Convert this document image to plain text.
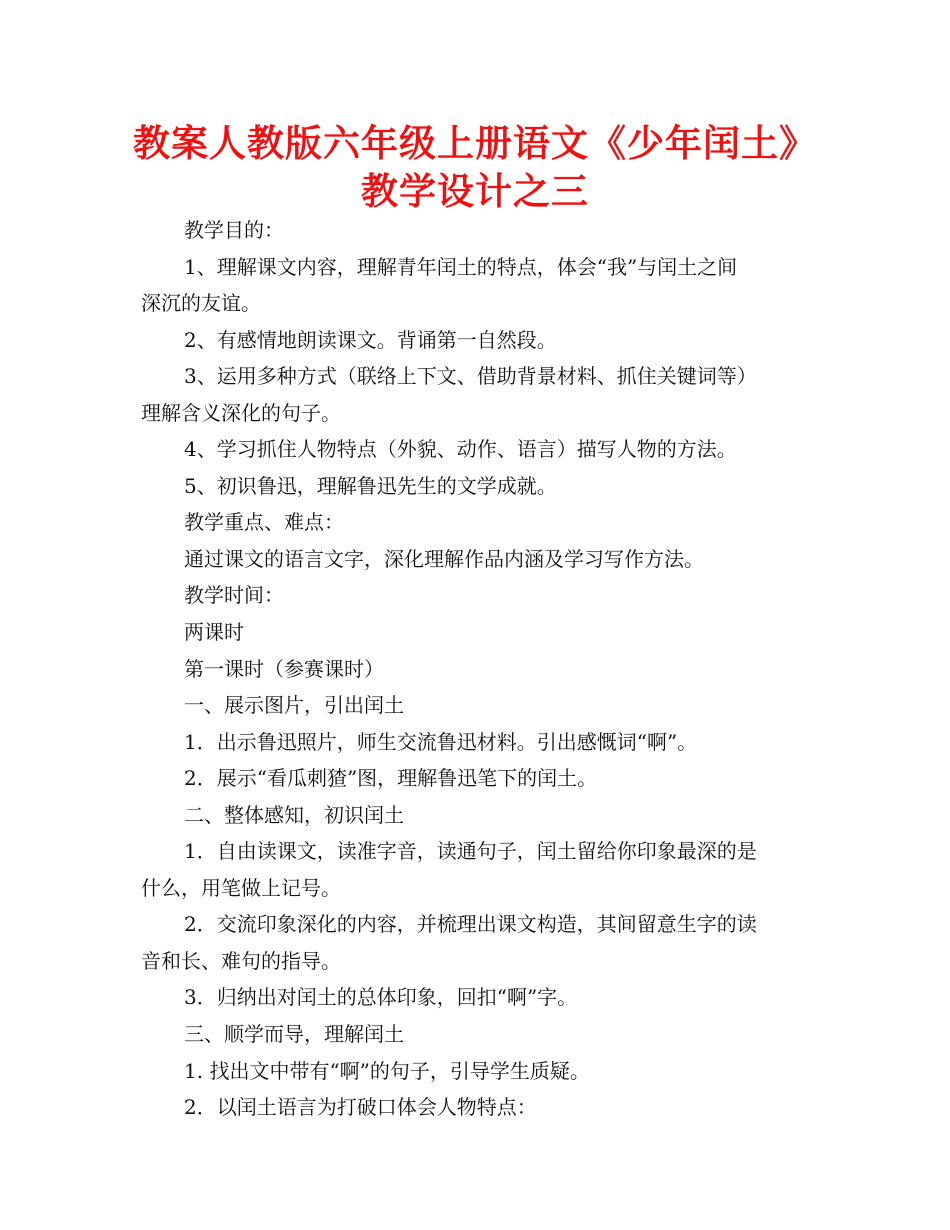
教案人教版六年级上册语文《少年闰土》
教学设计之三
教学目的：
1、理解课文内容，理解青年闰土的特点，体会“我”与闰土之间
深沉的友谊。
2、有感情地朗读课文。背诵第一自然段。
3、运用多种方式（联络上下文、借助背景材料、抓住关键词等）
理解含义深化的句子。
4、学习抓住人物特点（外貌、动作、语言）描写人物的方法。
5、初识鲁迅，理解鲁迅先生的文学成就。
教学重点、难点：
通过课文的语言文字，深化理解作品内涵及学习写作方法。
教学时间：
两课时
第一课时（参赛课时）
一、展示图片，引出闰土
1．出示鲁迅照片，师生交流鲁迅材料。引出感慨词“啊”。
2．展示“看瓜刺猹”图，理解鲁迅笔下的闰土。
二、整体感知，初识闰土
1．自由读课文，读准字音，读通句子，闰土留给你印象最深的是
什么，用笔做上记号。
2．交流印象深化的内容，并梳理出课文构造，其间留意生字的读
音和长、难句的指导。
3．归纳出对闰土的总体印象，回扣“啊”字。
三、顺学而导，理解闰土
1. 找出文中带有“啊”的句子，引导学生质疑。
2．以闰土语言为打破口体会人物特点：
